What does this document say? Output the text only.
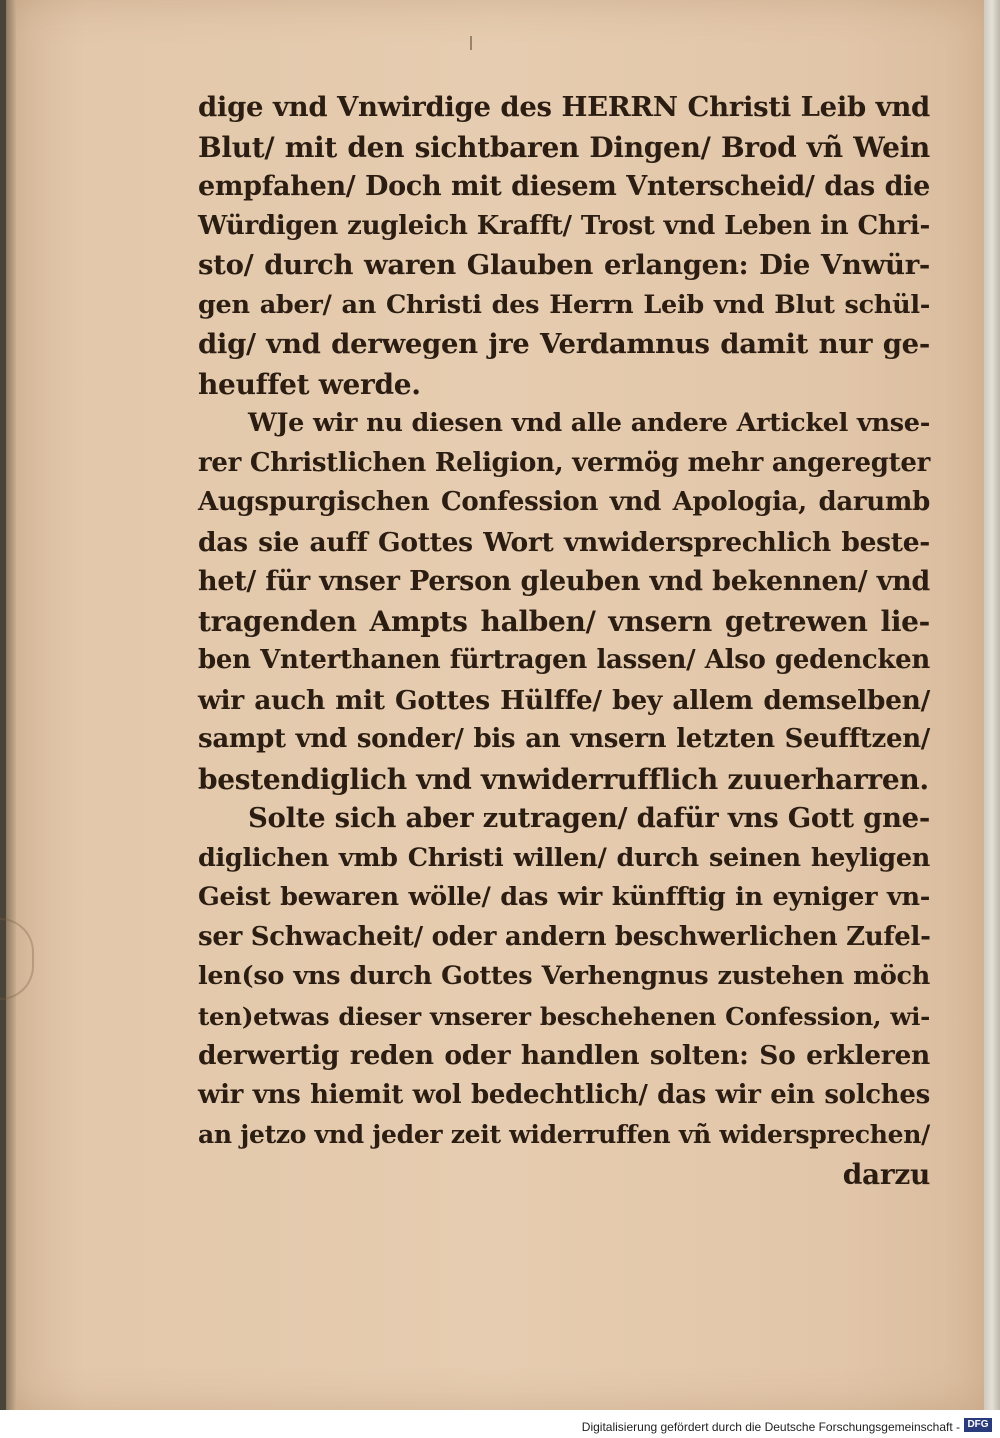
dige vnd Vnwirdige des HERRN Christi Leib vnd
Blut/ mit den sichtbaren Dingen/ Brod vñ Wein
empfahen/ Doch mit diesem Vnterscheid/ das die
Würdigen zugleich Krafft/ Trost vnd Leben in Chri-
sto/ durch waren Glauben erlangen: Die Vnwür-
gen aber/ an Christi des Herrn Leib vnd Blut schül-
dig/ vnd derwegen jre Verdamnus damit nur ge-
heuffet werde.
WJe wir nu diesen vnd alle andere Artickel vnse-
rer Christlichen Religion, vermög mehr angeregter
Augspurgischen Confession vnd Apologia, darumb
das sie auff Gottes Wort vnwidersprechlich beste-
het/ für vnser Person gleuben vnd bekennen/ vnd
tragenden Ampts halben/ vnsern getrewen lie-
ben Vnterthanen fürtragen lassen/ Also gedencken
wir auch mit Gottes Hülffe/ bey allem demselben/
sampt vnd sonder/ bis an vnsern letzten Seufftzen/
bestendiglich vnd vnwiderrufflich zuuerharren.
Solte sich aber zutragen/ dafür vns Gott gne-
diglichen vmb Christi willen/ durch seinen heyligen
Geist bewaren wölle/ das wir künfftig in eyniger vn-
ser Schwacheit/ oder andern beschwerlichen Zufel-
len(so vns durch Gottes Verhengnus zustehen möch
ten)etwas dieser vnserer beschehenen Confession, wi-
derwertig reden oder handlen solten: So erkleren
wir vns hiemit wol bedechtlich/ das wir ein solches
an jetzo vnd jeder zeit widerruffen vñ widersprechen/
darzu
Digitalisierung gefördert durch die Deutsche Forschungsgemeinschaft - DFG
